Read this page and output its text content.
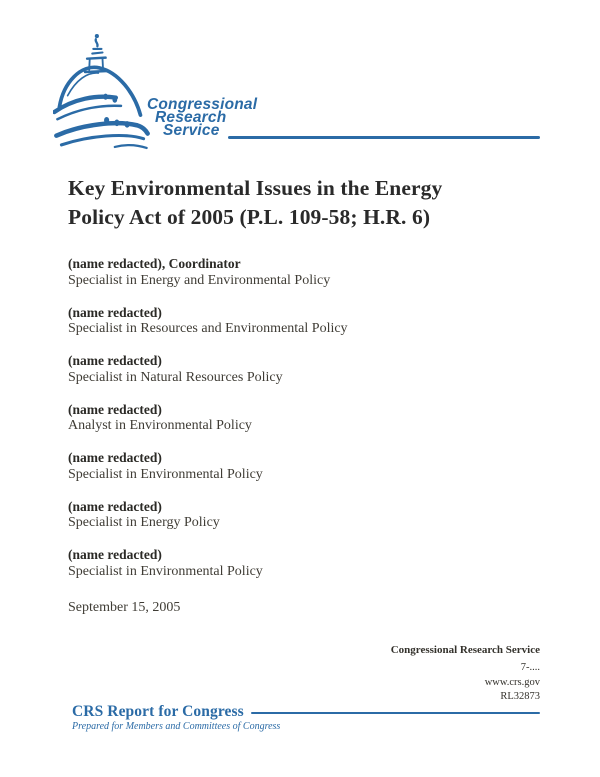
Congressional
Research
Service
Key Environmental Issues in the Energy
Policy Act of 2005 (P.L. 109-58; H.R. 6)
(name redacted), Coordinator
Specialist in Energy and Environmental Policy
(name redacted)
Specialist in Resources and Environmental Policy
(name redacted)
Specialist in Natural Resources Policy
(name redacted)
Analyst in Environmental Policy
(name redacted)
Specialist in Environmental Policy
(name redacted)
Specialist in Energy Policy
(name redacted)
Specialist in Environmental Policy
September 15, 2005
Congressional Research Service
7-....
www.crs.gov
RL32873
CRS Report for Congress
Prepared for Members and Committees of Congress
